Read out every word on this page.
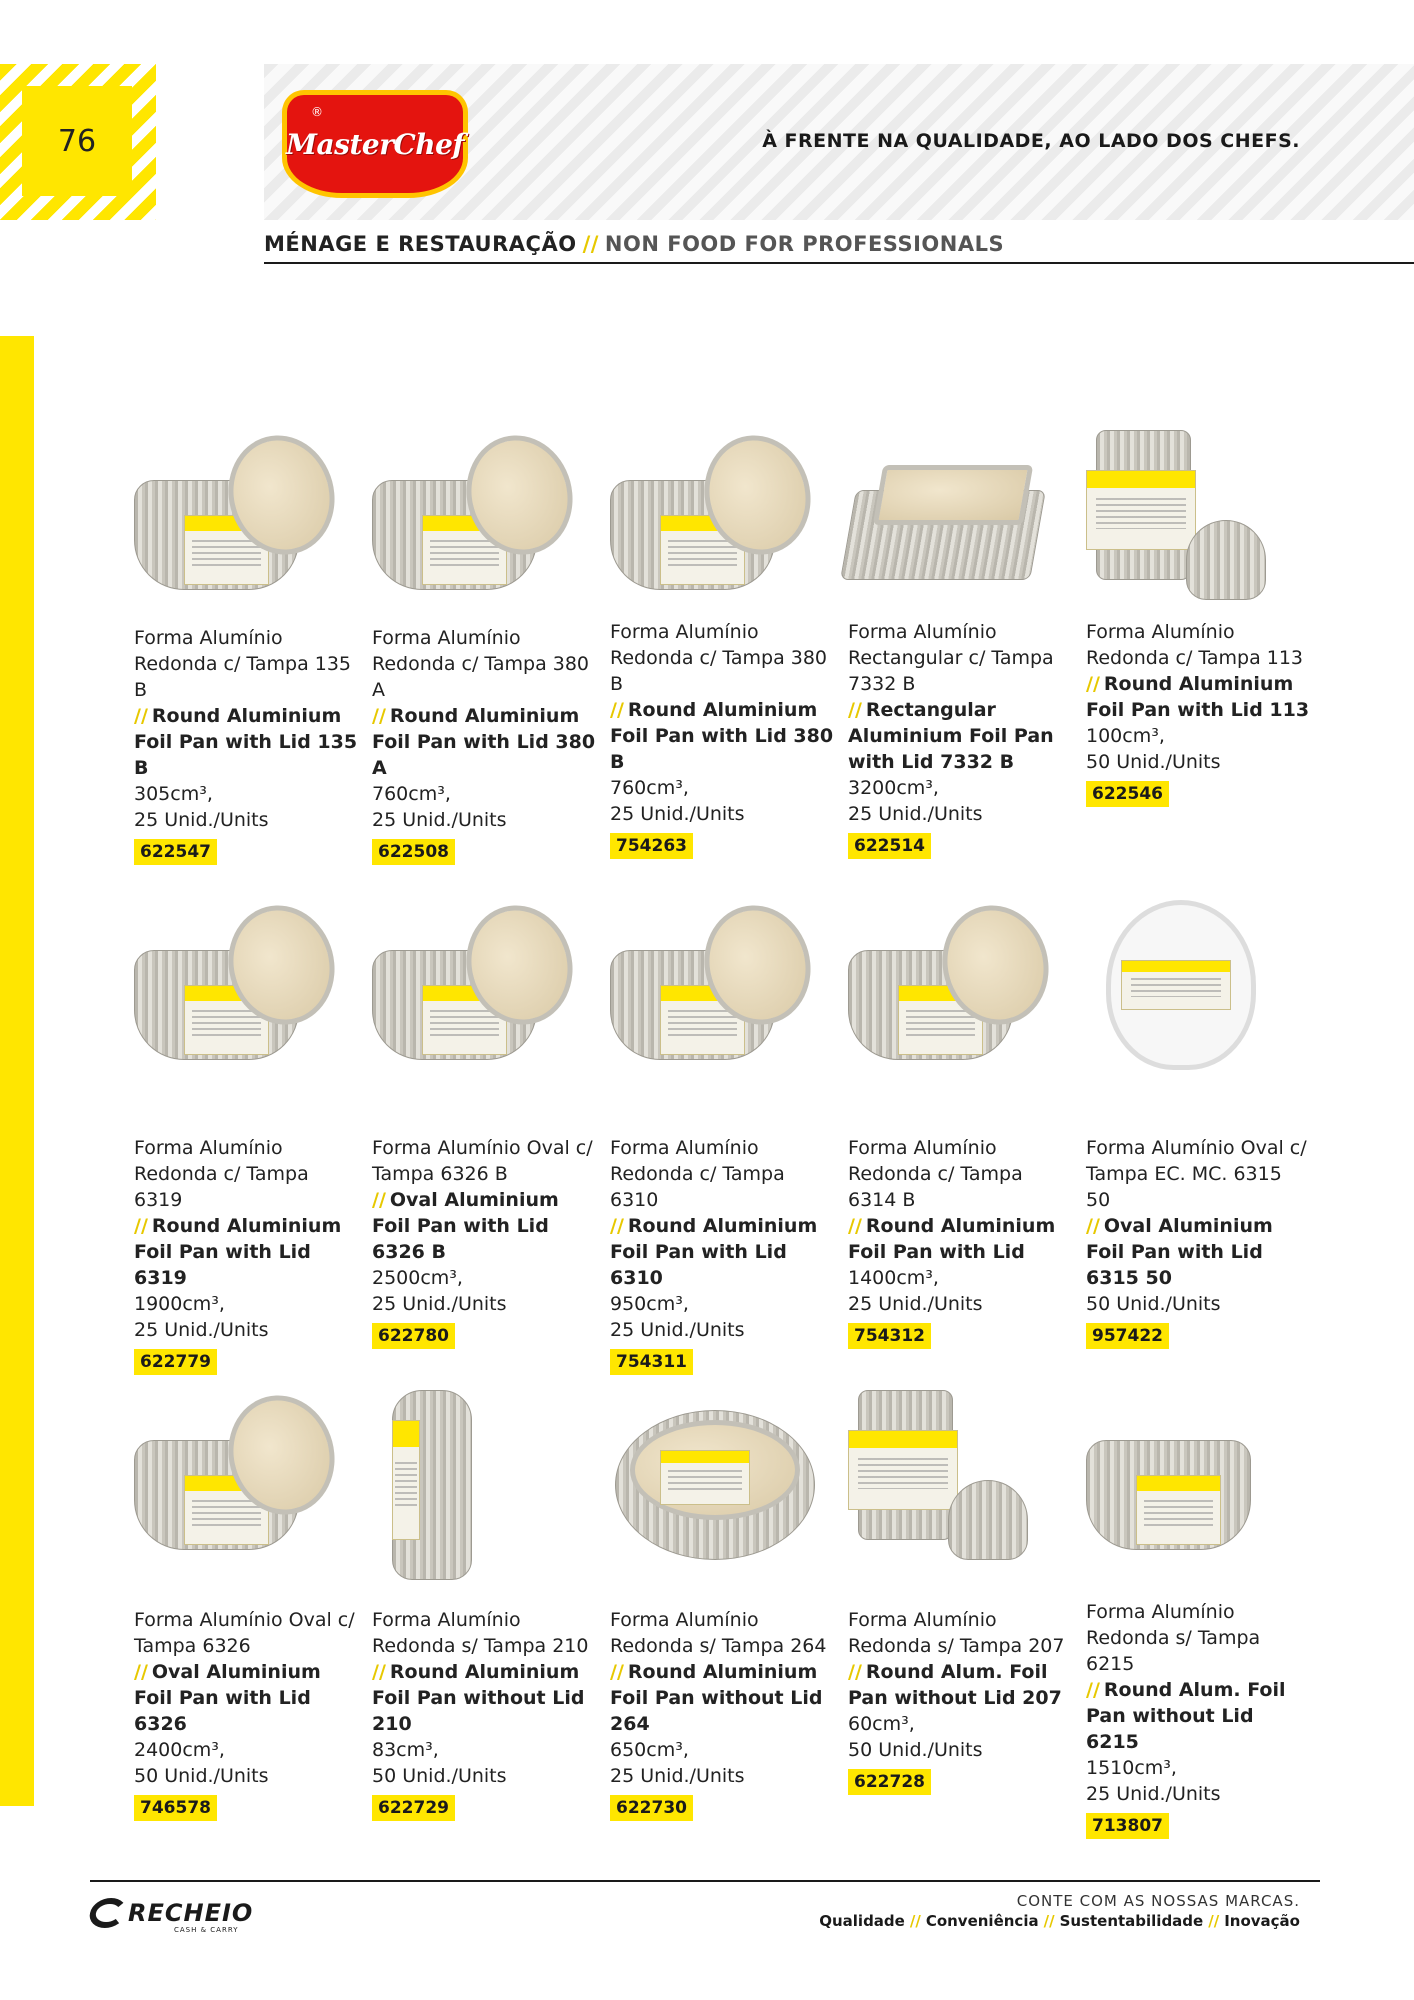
76
®
MasterChef	À FRENTE NA QUALIDADE, AO LADO DOS CHEFS.
MÉNAGE E RESTAURAÇÃO // NON FOOD FOR PROFESSIONALS
Forma Alumínio Redonda c/ Tampa 135 B
// Round Aluminium Foil Pan with Lid 135 B
305cm³,
25 Unid./Units
622547
Forma Alumínio Redonda c/ Tampa 380 A
// Round Aluminium Foil Pan with Lid 380 A
760cm³,
25 Unid./Units
622508
Forma Alumínio Redonda c/ Tampa 380 B
// Round Aluminium Foil Pan with Lid 380 B
760cm³,
25 Unid./Units
754263
Forma Alumínio Rectangular c/ Tampa 7332 B
// Rectangular Aluminium Foil Pan with Lid 7332 B
3200cm³,
25 Unid./Units
622514
Forma Alumínio Redonda c/ Tampa 113
// Round Aluminium Foil Pan with Lid 113
100cm³,
50 Unid./Units
622546
Forma Alumínio Redonda c/ Tampa 6319
// Round Aluminium Foil Pan with Lid 6319
1900cm³,
25 Unid./Units
622779
Forma Alumínio Oval c/ Tampa 6326 B
// Oval Aluminium Foil Pan with Lid 6326 B
2500cm³,
25 Unid./Units
622780
Forma Alumínio Redonda c/ Tampa 6310
// Round Aluminium Foil Pan with Lid 6310
950cm³,
25 Unid./Units
754311
Forma Alumínio Redonda c/ Tampa 6314 B
// Round Aluminium Foil Pan with Lid
1400cm³,
25 Unid./Units
754312
Forma Alumínio Oval c/ Tampa EC. MC. 6315 50
// Oval Aluminium Foil Pan with Lid 6315 50
50 Unid./Units
957422
Forma Alumínio Oval c/ Tampa 6326
// Oval Aluminium Foil Pan with Lid 6326
2400cm³,
50 Unid./Units
746578
Forma Alumínio Redonda s/ Tampa 210
// Round Aluminium Foil Pan without Lid 210
83cm³,
50 Unid./Units
622729
Forma Alumínio Redonda s/ Tampa 264
// Round Aluminium Foil Pan without Lid 264
650cm³,
25 Unid./Units
622730
Forma Alumínio Redonda s/ Tampa 207
// Round Alum. Foil Pan without Lid 207
60cm³,
50 Unid./Units
622728
Forma Alumínio Redonda s/ Tampa 6215
// Round Alum. Foil Pan without Lid 6215
1510cm³,
25 Unid./Units
713807
RECHEIO
CASH & CARRY
CONTE COM AS NOSSAS MARCAS.
Qualidade // Conveniência // Sustentabilidade // Inovação
